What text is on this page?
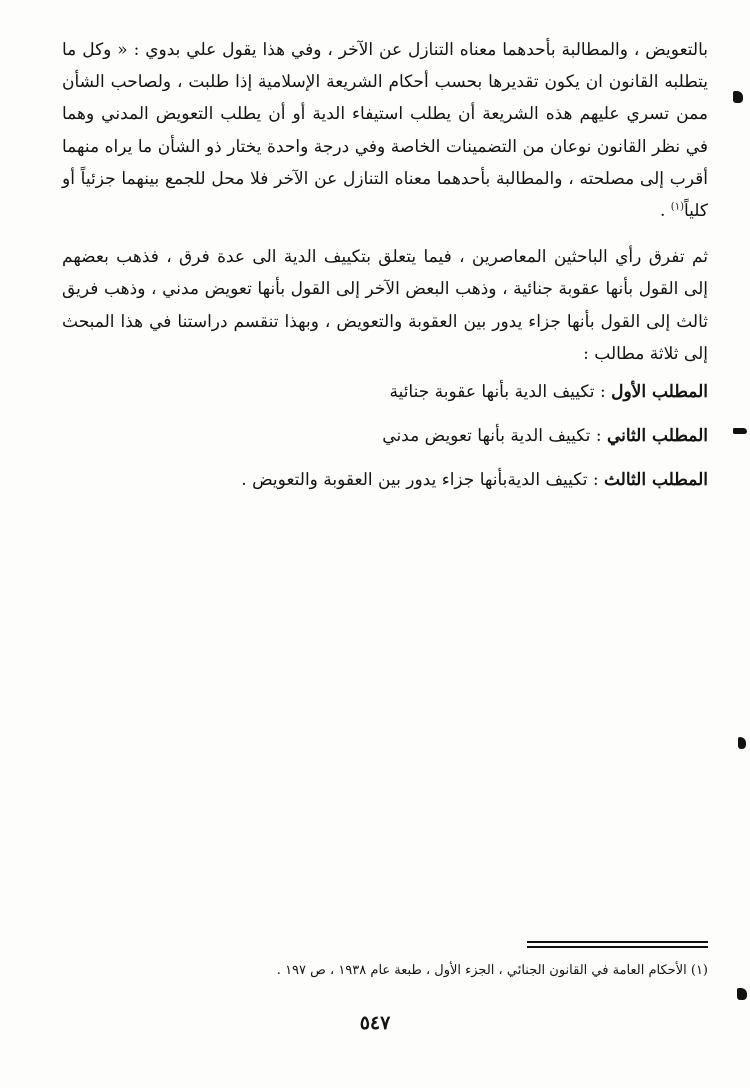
بالتعويض ، والمطالبة بأحدهما معناه التنازل عن الآخر ، وفي هذا يقول علي بدوي : « وكل ما يتطلبه القانون ان يكون تقديرها بحسب أحكام الشريعة الإسلامية إذا طلبت ، ولصاحب الشأن ممن تسري عليهم هذه الشريعة أن يطلب استيفاء الدية أو أن يطلب التعويض المدني وهما في نظر القانون نوعان من التضمينات الخاصة وفي درجة واحدة يختار ذو الشأن ما يراه منهما أقرب إلى مصلحته ، والمطالبة بأحدهما معناه التنازل عن الآخر فلا محل للجمع بينهما جزئياً أو كلياً$^{(١)}$ .

ثم تفرق رأي الباحثين المعاصرين ، فيما يتعلق بتكييف الدية الى عدة فرق ، فذهب بعضهم إلى القول بأنها عقوبة جنائية ، وذهب البعض الآخر إلى القول بأنها تعويض مدني ، وذهب فريق ثالث إلى القول بأنها جزاء يدور بين العقوبة والتعويض ، وبهذا تنقسم دراستنا في هذا المبحث إلى ثلاثة مطالب :

المطلب الأول : تكييف الدية بأنها عقوبة جنائية

المطلب الثاني : تكييف الدية بأنها تعويض مدني

المطلب الثالث : تكييف الديةبأنها جزاء يدور بين العقوبة والتعويض .

(١) الأحكام العامة في القانون الجنائي ، الجزء الأول ، طبعة عام ١٩٣٨ ، ص ١٩٧ .
٥٤٧
